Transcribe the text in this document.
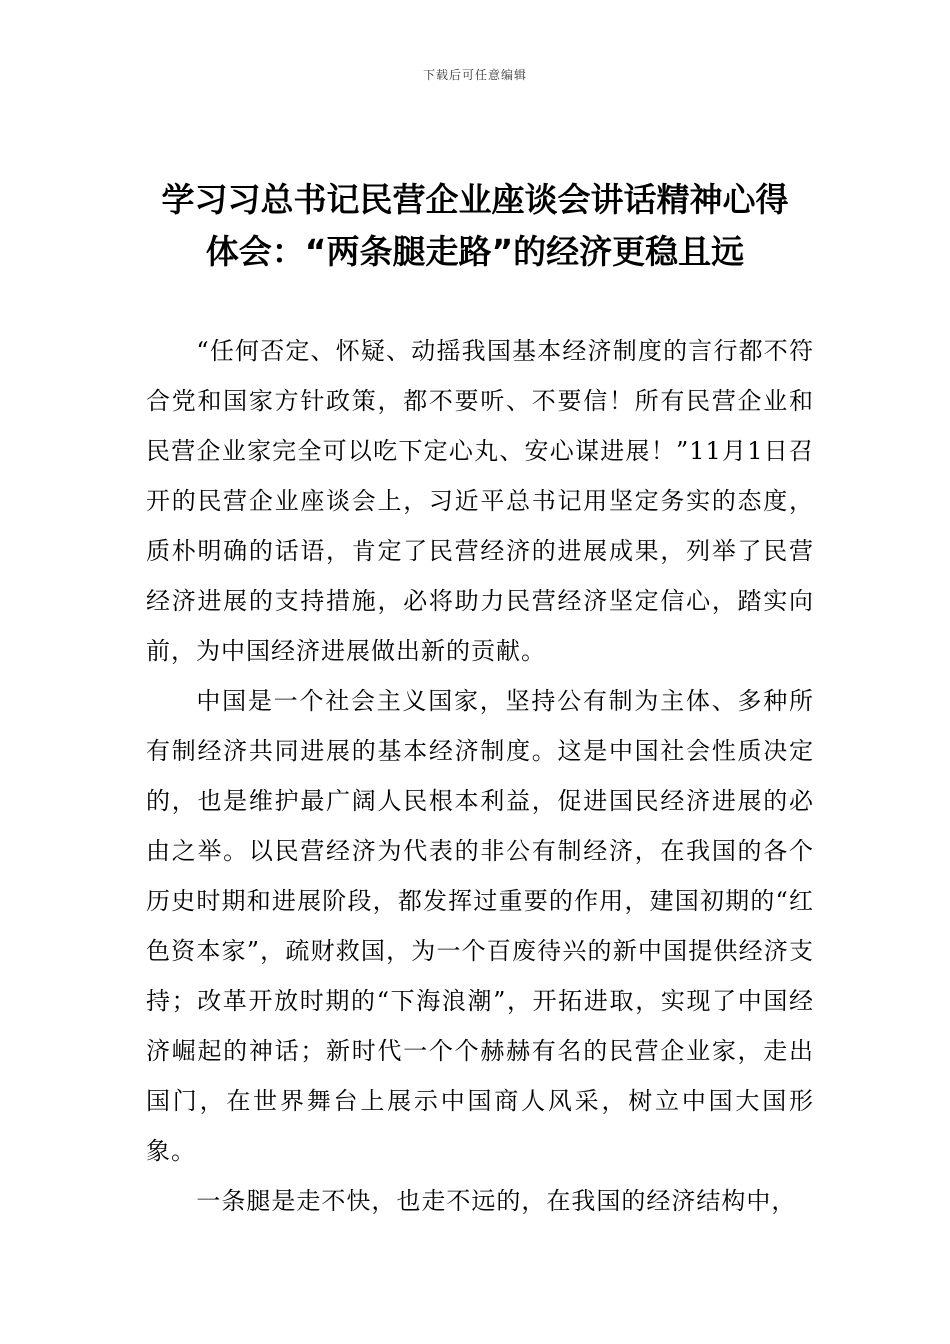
下载后可任意编辑
学习习总书记民营企业座谈会讲话精神心得体会：“两条腿走路”的经济更稳且远

“任何否定、怀疑、动摇我国基本经济制度的言行都不符合党和国家方针政策，都不要听、不要信！所有民营企业和民营企业家完全可以吃下定心丸、安心谋进展！”11月1日召开的民营企业座谈会上，习近平总书记用坚定务实的态度，质朴明确的话语，肯定了民营经济的进展成果，列举了民营经济进展的支持措施，必将助力民营经济坚定信心，踏实向前，为中国经济进展做出新的贡献。

中国是一个社会主义国家，坚持公有制为主体、多种所有制经济共同进展的基本经济制度。这是中国社会性质决定的，也是维护最广阔人民根本利益，促进国民经济进展的必由之举。以民营经济为代表的非公有制经济，在我国的各个历史时期和进展阶段，都发挥过重要的作用，建国初期的“红色资本家”，疏财救国，为一个百废待兴的新中国提供经济支持；改革开放时期的“下海浪潮”，开拓进取，实现了中国经济崛起的神话；新时代一个个赫赫有名的民营企业家，走出国门，在世界舞台上展示中国商人风采，树立中国大国形象。

一条腿是走不快，也走不远的，在我国的经济结构中，
